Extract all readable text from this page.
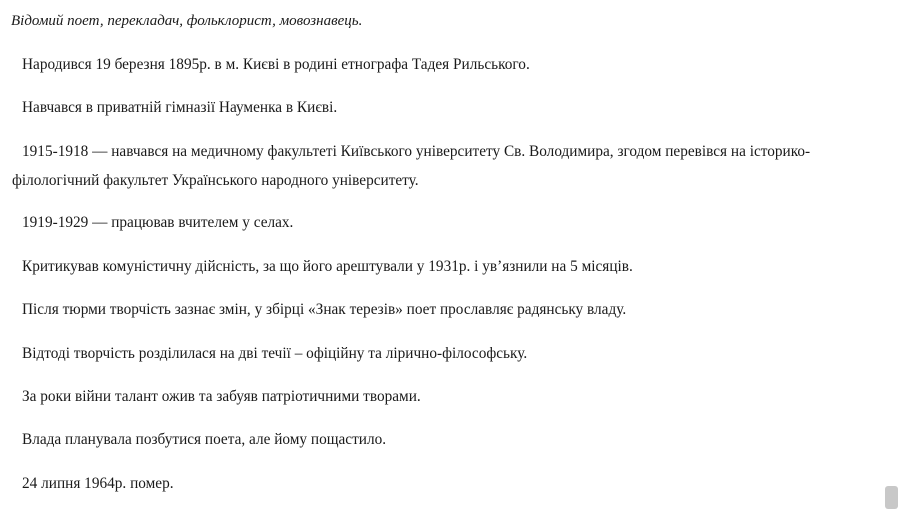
Відомий поет, перекладач, фольклорист, мовознавець.

Народився 19 березня 1895р. в м. Києві в родині етнографа Тадея Рильського.

Навчався в приватній гімназії Науменка в Києві.

1915-1918 — навчався на медичному факультеті Київського університету Св. Володимира, згодом перевівся на історико-філологічний факультет Українського народного університету.

1919-1929 — працював вчителем у селах.

Критикував комуністичну дійсність, за що його арештували у 1931р. і ув’язнили на 5 місяців.

Після тюрми творчість зазнає змін, у збірці «Знак терезів» поет прославляє радянську владу.

Відтоді творчість розділилася на дві течії – офіційну та лірично-філософську.

За роки війни талант ожив та забуяв патріотичними творами.

Влада планувала позбутися поета, але йому пощастило.

24 липня 1964р. помер.
